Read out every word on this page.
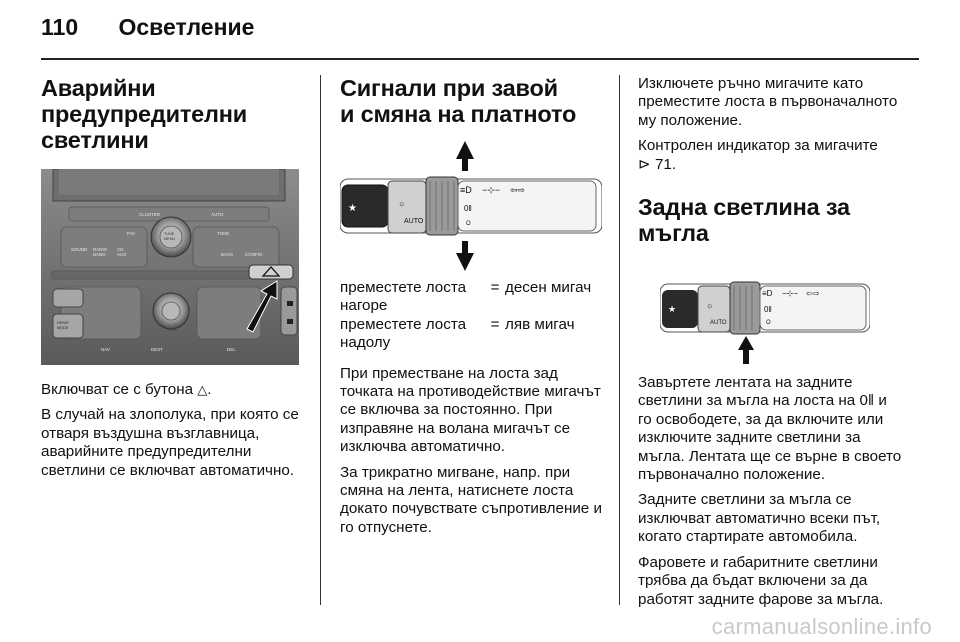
110 Осветление
Аварийни
предупредителни
светлини
CLUSTER	AUTO
TUNE
MENU
TONE
FAV
SOUND RADIO
BAND
CD
AUX
VOL
BACK	CONFIG
DRIVE
MODE
NAV	DEST	DEL

Включват се с бутона △.

В случай на злополука, при която се отваря въздушна възглавница, аварийните предупредителни светлини се включват автоматично.

Сигнали при завой
и смяна на платното
★	☼
AUTO
≡D −⊹− ⇦⇨
0‖
O
преместете лоста нагоре	=	десен мигач
преместете лоста надолу	=	ляв мигач

При преместване на лоста зад точката на противодействие мигачът се включва за постоянно. При изправяне на волана мигачът се изключва автоматично.

За трикратно мигване, напр. при смяна на лента, натиснете лоста докато почувствате съпротивление и го отпуснете.

Изключете ръчно мигачите като преместите лоста в първоначалното му положение.

Контролен индикатор за мигачите
⊳ 71.

Задна светлина за мъгла
★	☼
AUTO
≡D −⊹− ⇦⇨
0‖
O

Завъртете лентата на задните светлини за мъгла на лоста на 0‖ и го освободете, за да включите или изключите задните светлини за мъгла. Лентата ще се върне в своето първоначално положение.

Задните светлини за мъгла се изключват автоматично всеки път, когато стартирате автомобила.

Фаровете и габаритните светлини трябва да бъдат включени за да работят задните фарове за мъгла.

carmanualsonline.info
